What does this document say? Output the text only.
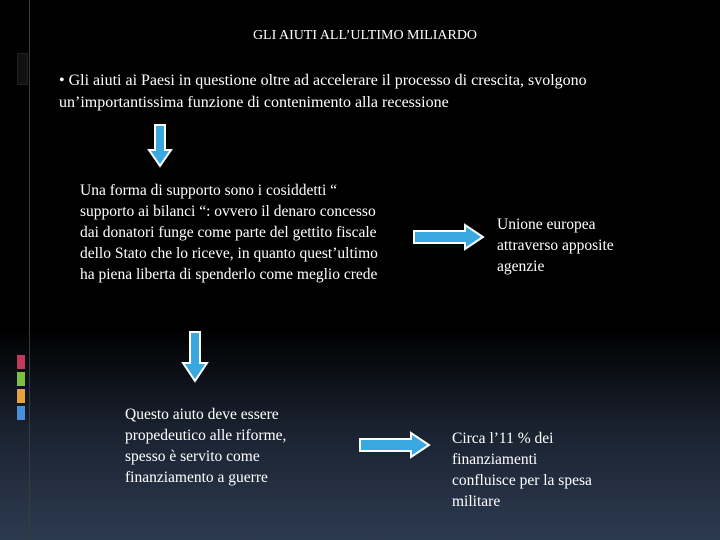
GLI AIUTI ALL’ULTIMO MILIARDO
• Gli aiuti ai Paesi in questione oltre ad accelerare il processo di crescita, svolgono un’importantissima funzione di contenimento alla recessione
Una forma di supporto sono i cosiddetti “ supporto ai bilanci “: ovvero il denaro concesso dai donatori funge come parte del gettito fiscale dello Stato che lo riceve, in quanto quest’ultimo ha piena liberta di spenderlo come meglio crede
Unione europea attraverso apposite agenzie
Questo aiuto deve essere propedeutico alle riforme, spesso è servito come finanziamento a guerre
Circa l’11 % dei finanziamenti confluisce per la spesa militare
